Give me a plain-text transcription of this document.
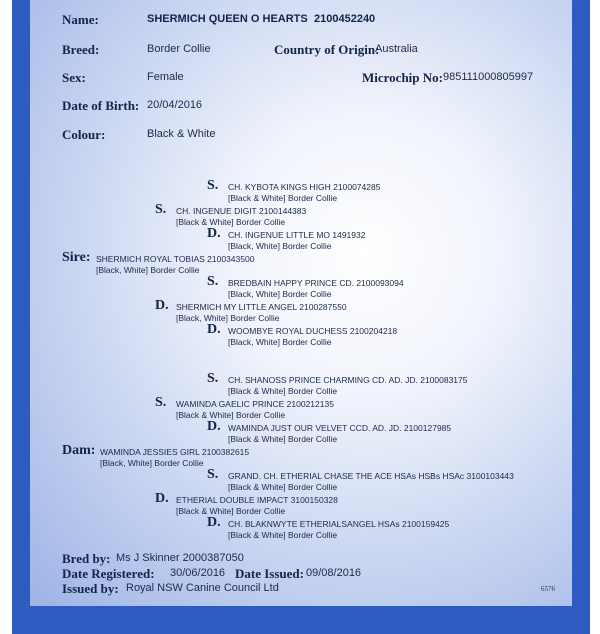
Name:	SHERMICH QUEEN O HEARTS 2100452240
Breed:	Border Collie	Country of Origin:
Australia
Sex:	Female	Microchip No: 985111000805997
Date of Birth: 20/04/2016
Colour:	Black & White
S. CH. KYBOTA KINGS HIGH 2100074285
[Black & White] Border Collie
S. CH. INGENUE DIGIT 2100144383
[Black & White] Border Collie
D. CH. INGENUE LITTLE MO 1491932
[Black, White] Border Collie
Sire: SHERMICH ROYAL TOBIAS 2100343500
[Black, White] Border Collie
S. BREDBAIN HAPPY PRINCE CD. 2100093094
[Black, White] Border Collie
D. SHERMICH MY LITTLE ANGEL 2100287550
[Black, White] Border Collie
D. WOOMBYE ROYAL DUCHESS 2100204218
[Black, White] Border Collie
S. CH. SHANOSS PRINCE CHARMING CD. AD. JD. 2100083175
[Black & White] Border Collie
S. WAMINDA GAELIC PRINCE 2100212135
[Black & White] Border Collie
D. WAMINDA JUST OUR VELVET CCD. AD. JD. 2100127985
[Black & White] Border Collie
Dam: WAMINDA JESSIES GIRL 2100382615
[Black, White] Border Collie
S. GRAND. CH. ETHERIAL CHASE THE ACE HSAs HSBs HSAc 3100103443
[Black & White] Border Collie
D. ETHERIAL DOUBLE IMPACT 3100150328
[Black & White] Border Collie
D. CH. BLAKNWYTE ETHERIALSANGEL HSAs 2100159425
[Black & White] Border Collie
Bred by: Ms J Skinner 2000387050
Date Registered: 30/06/2016 Date Issued: 09/08/2016
Issued by: Royal NSW Canine Council Ltd	6576
